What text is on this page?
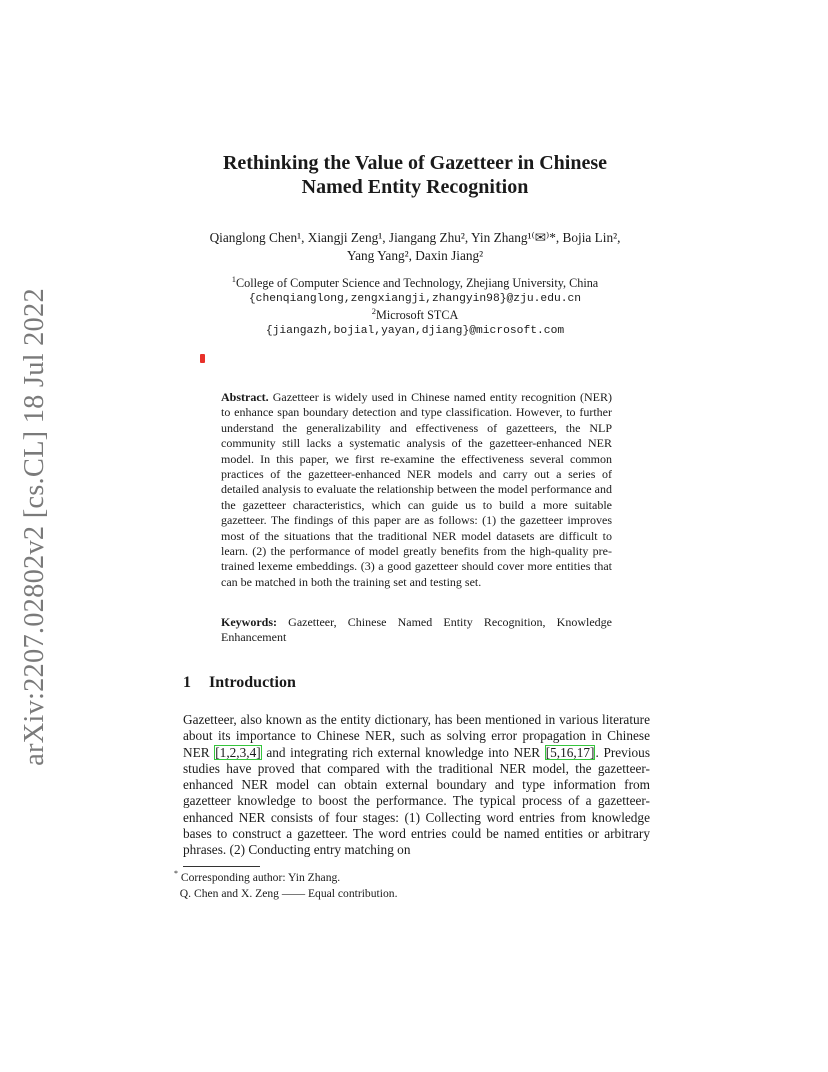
arXiv:2207.02802v2 [cs.CL] 18 Jul 2022
Rethinking the Value of Gazetteer in Chinese
Named Entity Recognition
Qianglong Chen¹, Xiangji Zeng¹, Jiangang Zhu², Yin Zhang¹⁽✉⁾*, Bojia Lin²,
Yang Yang², Daxin Jiang²
$^1$College of Computer Science and Technology, Zhejiang University, China
{chenqianglong,zengxiangji,zhangyin98}@zju.edu.cn
$^2$Microsoft STCA
{jiangazh,bojial,yayan,djiang}@microsoft.com

Abstract. Gazetteer is widely used in Chinese named entity recognition (NER) to enhance span boundary detection and type classification. However, to further understand the generalizability and effectiveness of gazetteers, the NLP community still lacks a systematic analysis of the gazetteer-enhanced NER model. In this paper, we first re-examine the effectiveness several common practices of the gazetteer-enhanced NER models and carry out a series of detailed analysis to evaluate the relationship between the model performance and the gazetteer characteristics, which can guide us to build a more suitable gazetteer. The findings of this paper are as follows: (1) the gazetteer improves most of the situations that the traditional NER model datasets are difficult to learn. (2) the performance of model greatly benefits from the high-quality pre-trained lexeme embeddings. (3) a good gazetteer should cover more entities that can be matched in both the training set and testing set.

Keywords: Gazetteer, Chinese Named Entity Recognition, Knowledge Enhancement

1 Introduction

Gazetteer, also known as the entity dictionary, has been mentioned in various literature about its importance to Chinese NER, such as solving error propagation in Chinese NER [1,2,3,4] and integrating rich external knowledge into NER [5,16,17]. Previous studies have proved that compared with the traditional NER model, the gazetteer-enhanced NER model can obtain external boundary and type information from gazetteer knowledge to boost the performance. The typical process of a gazetteer-enhanced NER consists of four stages: (1) Collecting word entries from knowledge bases to construct a gazetteer. The word entries could be named entities or arbitrary phrases. (2) Conducting entry matching on

* Corresponding author: Yin Zhang.
Q. Chen and X. Zeng —— Equal contribution.
